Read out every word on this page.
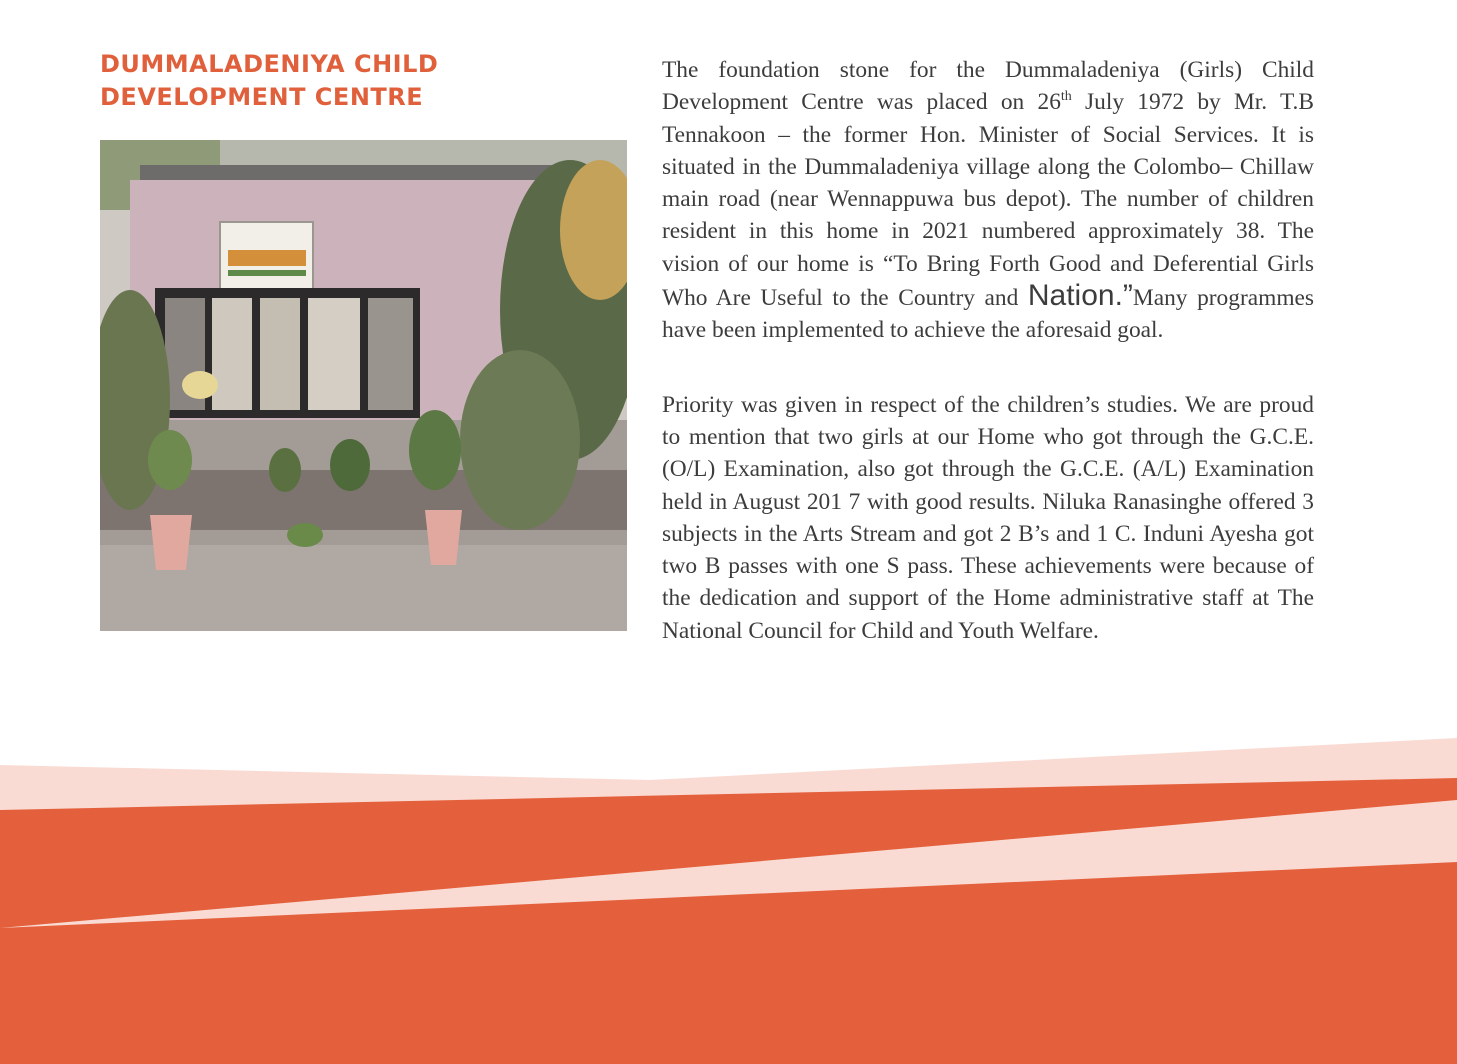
DUMMALADENIYA CHILD
DEVELOPMENT CENTRE

The foundation stone for the Dummaladeniya (Girls) Child Development Centre was placed on 26th July 1972 by Mr. T.B Tennakoon – the former Hon. Minister of Social Services. It is situated in the Dummaladeniya village along the Colombo– Chillaw main road (near Wennappuwa bus depot). The number of children resident in this home in 2021 numbered approximately 38. The vision of our home is “To Bring Forth Good and Deferential Girls Who Are Useful to the Country and Nation.”Many programmes have been implemented to achieve the aforesaid goal.

Priority was given in respect of the children’s studies. We are proud to mention that two girls at our Home who got through the G.C.E. (O/L) Examination, also got through the G.C.E. (A/L) Examination held in August 201 7 with good results. Niluka Ranasinghe offered 3 subjects in the Arts Stream and got 2 B’s and 1 C. Induni Ayesha got two B passes with one S pass. These achievements were because of the dedication and support of the Home administrative staff at The National Council for Child and Youth Welfare.
